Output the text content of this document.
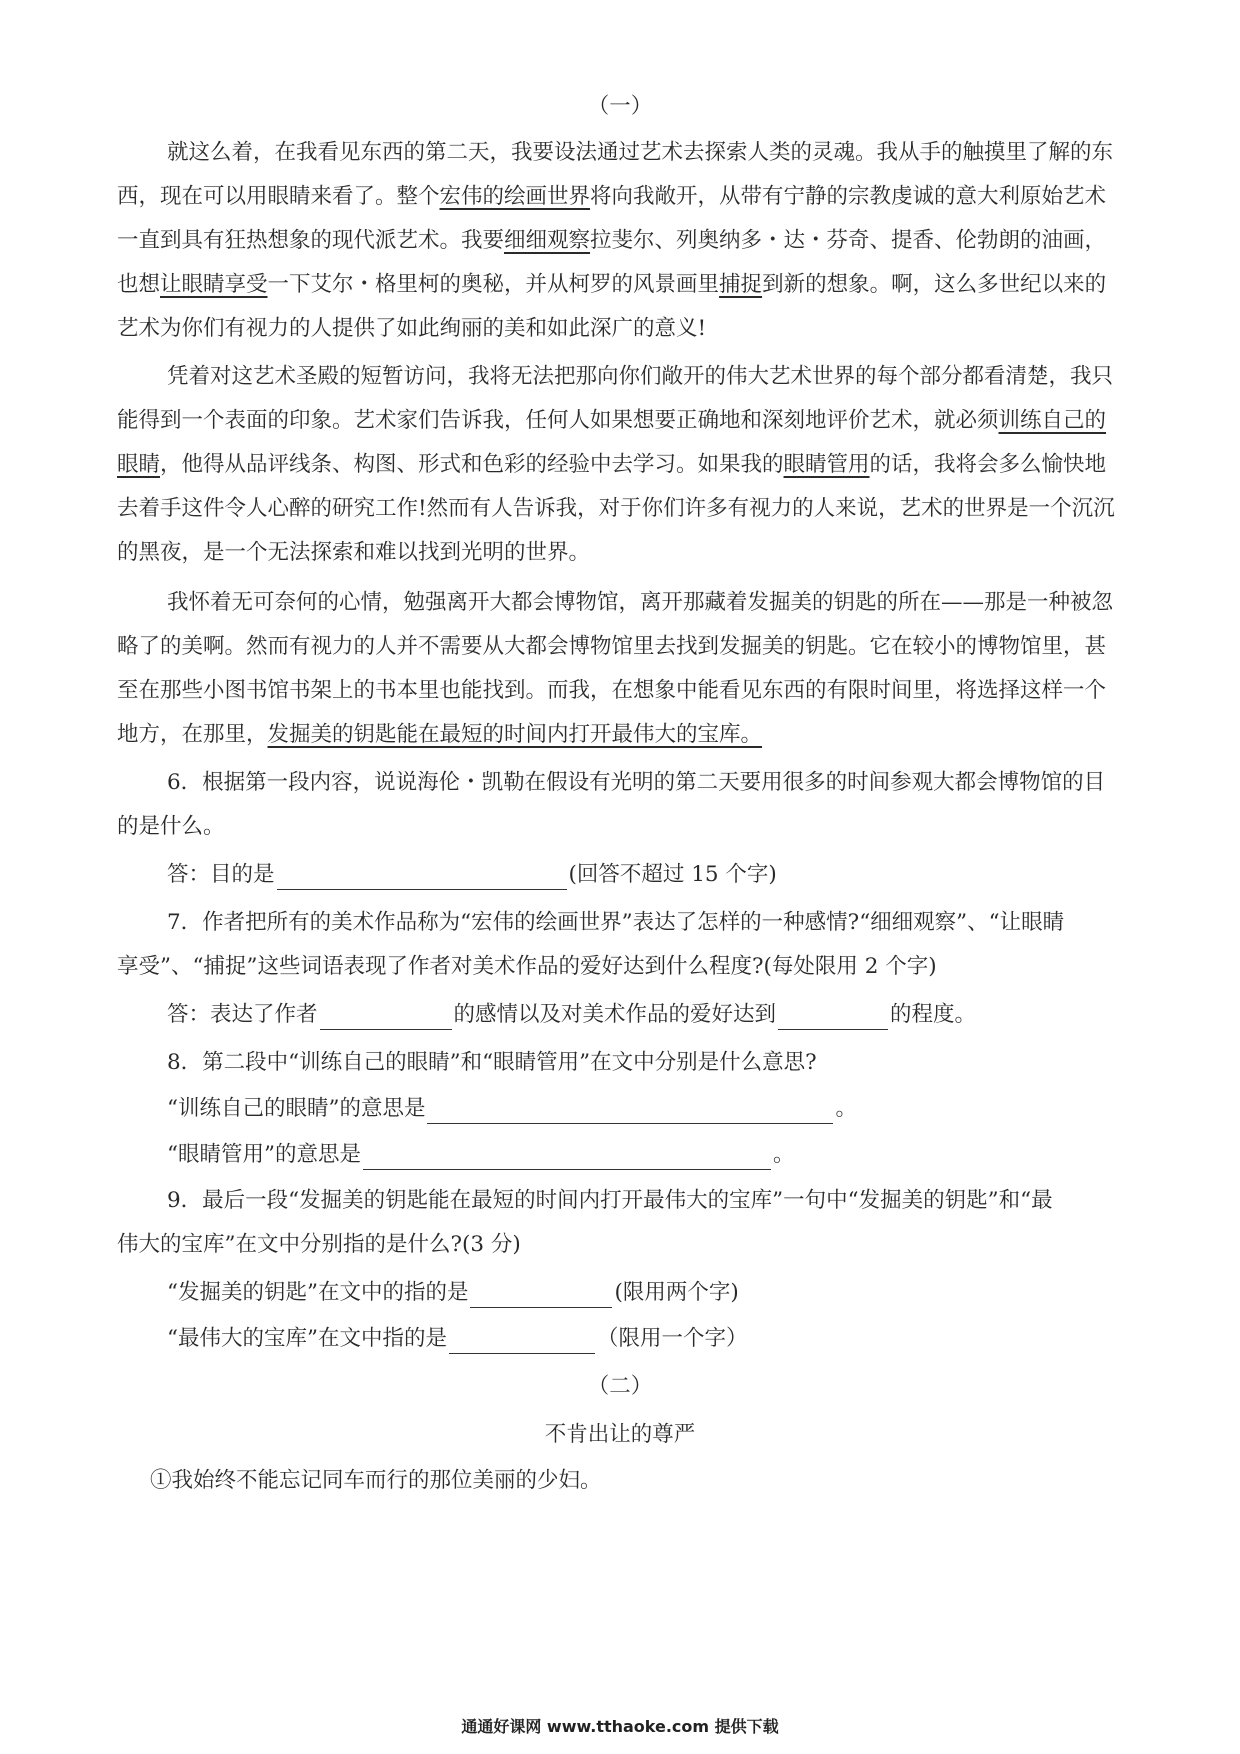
（一）
就这么着，在我看见东西的第二天，我要设法通过艺术去探索人类的灵魂。我从手的触摸里了解的东
西，现在可以用眼睛来看了。整个宏伟的绘画世界将向我敞开，从带有宁静的宗教虔诚的意大利原始艺术
一直到具有狂热想象的现代派艺术。我要细细观察拉斐尔、列奥纳多・达・芬奇、提香、伦勃朗的油画，
也想让眼睛享受一下艾尔・格里柯的奥秘，并从柯罗的风景画里捕捉到新的想象。啊，这么多世纪以来的
艺术为你们有视力的人提供了如此绚丽的美和如此深广的意义!
凭着对这艺术圣殿的短暂访问，我将无法把那向你们敞开的伟大艺术世界的每个部分都看清楚，我只
能得到一个表面的印象。艺术家们告诉我，任何人如果想要正确地和深刻地评价艺术，就必须训练自己的
眼睛，他得从品评线条、构图、形式和色彩的经验中去学习。如果我的眼睛管用的话，我将会多么愉快地
去着手这件令人心醉的研究工作!然而有人告诉我，对于你们许多有视力的人来说，艺术的世界是一个沉沉
的黑夜，是一个无法探索和难以找到光明的世界。
我怀着无可奈何的心情，勉强离开大都会博物馆，离开那藏着发掘美的钥匙的所在——那是一种被忽
略了的美啊。然而有视力的人并不需要从大都会博物馆里去找到发掘美的钥匙。它在较小的博物馆里，甚
至在那些小图书馆书架上的书本里也能找到。而我，在想象中能看见东西的有限时间里，将选择这样一个
地方，在那里，发掘美的钥匙能在最短的时间内打开最伟大的宝库。
6．根据第一段内容，说说海伦・凯勒在假设有光明的第二天要用很多的时间参观大都会博物馆的目
的是什么。
答：目的是	(回答不超过 15 个字)
7．作者把所有的美术作品称为“宏伟的绘画世界”表达了怎样的一种感情?“细细观察”、“让眼睛
享受”、“捕捉”这些词语表现了作者对美术作品的爱好达到什么程度?(每处限用 2 个字)
答：表达了作者	的感情以及对美术作品的爱好达到	的程度。
8．第二段中“训练自己的眼睛”和“眼睛管用”在文中分别是什么意思?
“训练自己的眼睛”的意思是	。
“眼睛管用”的意思是	。
9．最后一段“发掘美的钥匙能在最短的时间内打开最伟大的宝库”一句中“发掘美的钥匙”和“最
伟大的宝库”在文中分别指的是什么?(3 分)
“发掘美的钥匙”在文中的指的是	(限用两个字)
“最伟大的宝库”在文中指的是	（限用一个字）
（二）
不肯出让的尊严
①我始终不能忘记同车而行的那位美丽的少妇。
通通好课网 www.tthaoke.com 提供下载
